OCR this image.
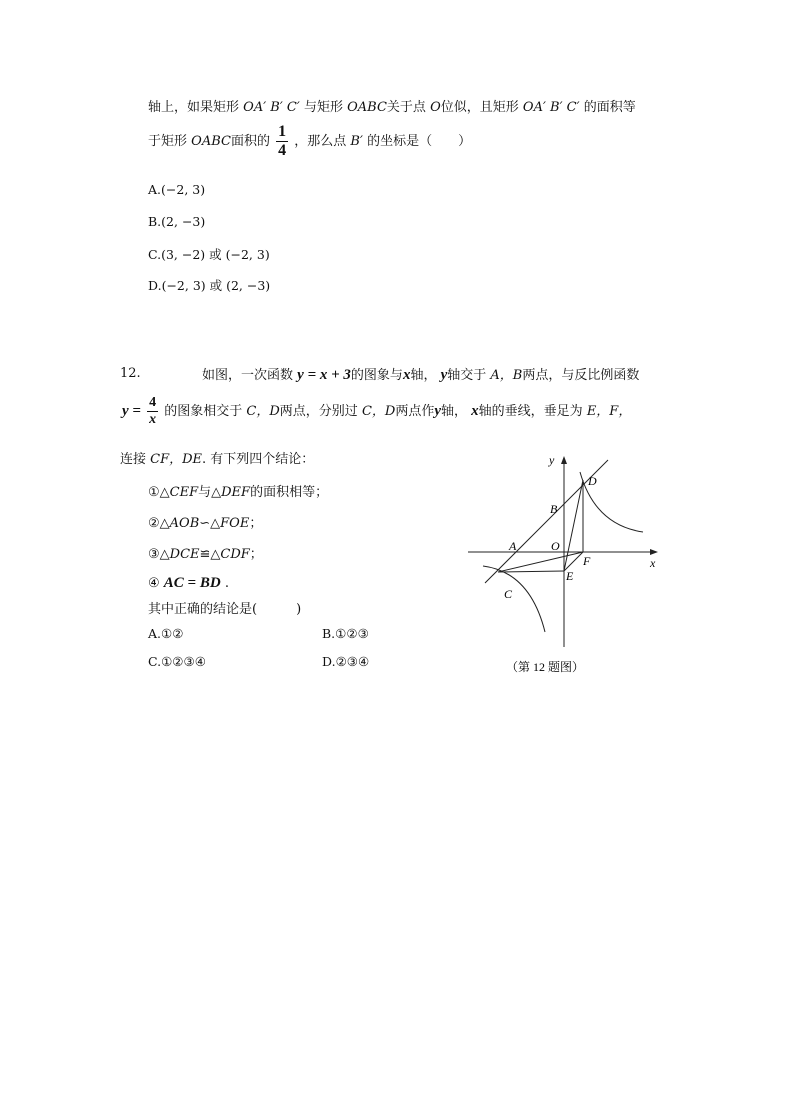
轴上，如果矩形 OA′ B′ C′ 与矩形 OABC关于点 O位似，且矩形 OA′ B′ C′ 的面积等
于矩形 OABC面积的 $\frac{1}{4}$ ，那么点 B′ 的坐标是（　　）
A.(−2, 3)
B.(2, −3)
C.(3, −2) 或 (−2, 3)
D.(−2, 3) 或 (2, −3)
12.	如图，一次函数 y = x + 3的图象与x轴， y轴交于 A，B两点，与反比例函数
$y = \frac{4}{x}$ 的图象相交于 C，D两点，分别过 C，D两点作y轴， x轴的垂线，垂足为 E，F，
连接 CF，DE. 有下列四个结论：
①△CEF与△DEF的面积相等；
②△AOB∽△FOE；
③△DCE≌△CDF；
④ AC = BD .
其中正确的结论是(　　　)
A.①②	B.①②③
C.①②③④	D.②③④
y
x
D
B
A	O
F
E
C
（第 12 题图）
